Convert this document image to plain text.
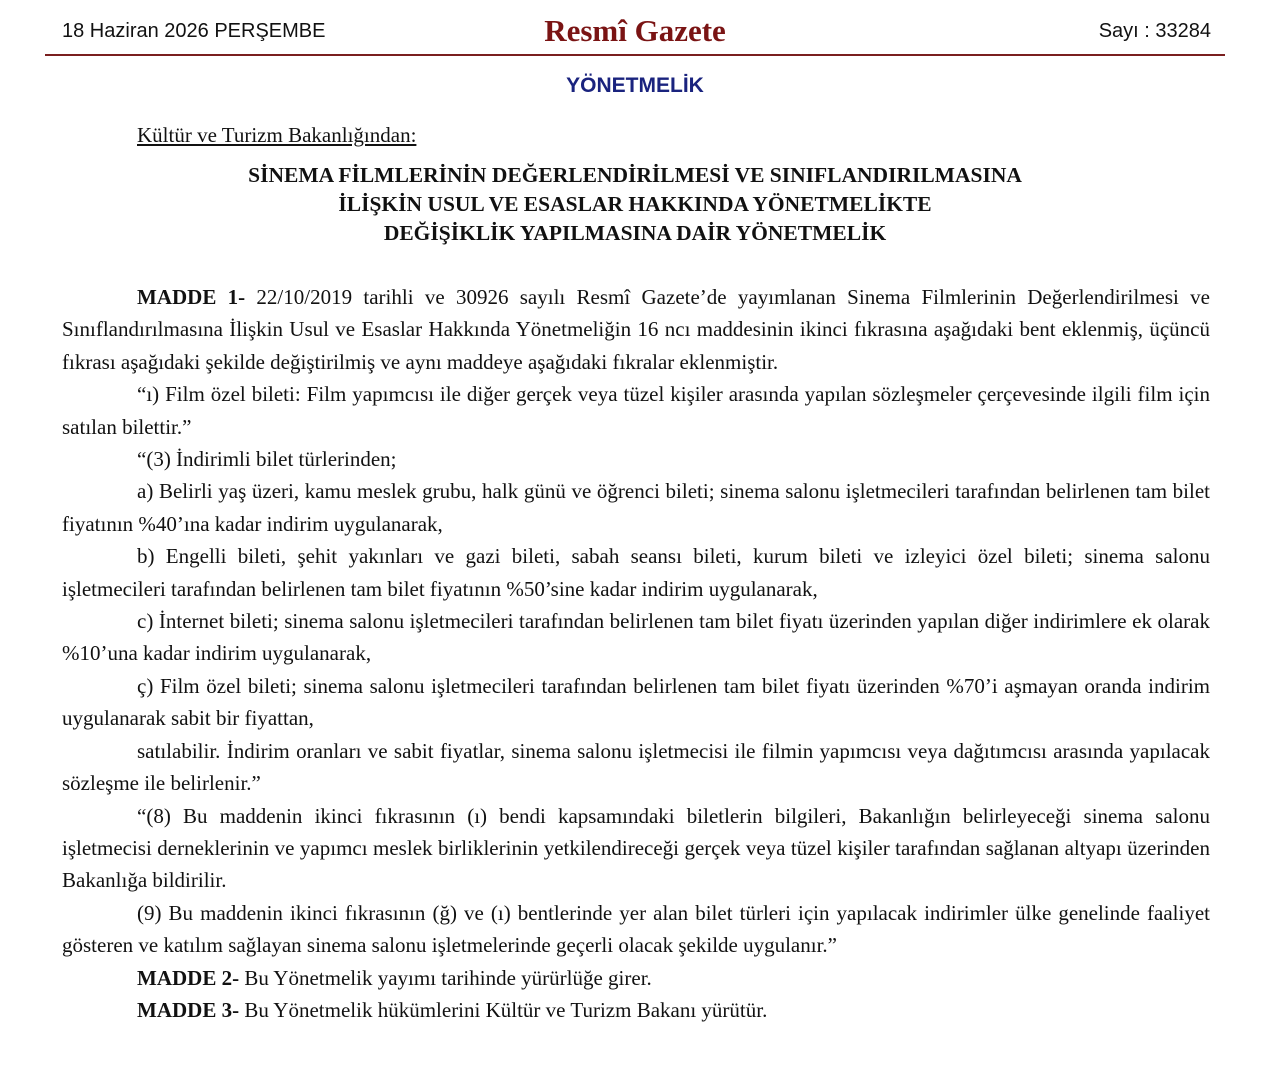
18 Haziran 2026 PERŞEMBE	Resmî Gazete	Sayı : 33284
YÖNETMELİK
Kültür ve Turizm Bakanlığından:
SİNEMA FİLMLERİNİN DEĞERLENDİRİLMESİ VE SINIFLANDIRILMASINA
İLİŞKİN USUL VE ESASLAR HAKKINDA YÖNETMELİKTE
DEĞİŞİKLİK YAPILMASINA DAİR YÖNETMELİK

MADDE 1- 22/10/2019 tarihli ve 30926 sayılı Resmî Gazete’de yayımlanan Sinema Filmlerinin Değerlendirilmesi ve Sınıflandırılmasına İlişkin Usul ve Esaslar Hakkında Yönetmeliğin 16 ncı maddesinin ikinci fıkrasına aşağıdaki bent eklenmiş, üçüncü fıkrası aşağıdaki şekilde değiştirilmiş ve aynı maddeye aşağıdaki fıkralar eklenmiştir.

“ı) Film özel bileti: Film yapımcısı ile diğer gerçek veya tüzel kişiler arasında yapılan sözleşmeler çerçevesinde ilgili film için satılan bilettir.”

“(3) İndirimli bilet türlerinden;

a) Belirli yaş üzeri, kamu meslek grubu, halk günü ve öğrenci bileti; sinema salonu işletmecileri tarafından belirlenen tam bilet fiyatının %40’ına kadar indirim uygulanarak,

b) Engelli bileti, şehit yakınları ve gazi bileti, sabah seansı bileti, kurum bileti ve izleyici özel bileti; sinema salonu işletmecileri tarafından belirlenen tam bilet fiyatının %50’sine kadar indirim uygulanarak,

c) İnternet bileti; sinema salonu işletmecileri tarafından belirlenen tam bilet fiyatı üzerinden yapılan diğer indirimlere ek olarak %10’una kadar indirim uygulanarak,

ç) Film özel bileti; sinema salonu işletmecileri tarafından belirlenen tam bilet fiyatı üzerinden %70’i aşmayan oranda indirim uygulanarak sabit bir fiyattan,

satılabilir. İndirim oranları ve sabit fiyatlar, sinema salonu işletmecisi ile filmin yapımcısı veya dağıtımcısı arasında yapılacak sözleşme ile belirlenir.”

“(8) Bu maddenin ikinci fıkrasının (ı) bendi kapsamındaki biletlerin bilgileri, Bakanlığın belirleyeceği sinema salonu işletmecisi derneklerinin ve yapımcı meslek birliklerinin yetkilendireceği gerçek veya tüzel kişiler tarafından sağlanan altyapı üzerinden Bakanlığa bildirilir.

(9) Bu maddenin ikinci fıkrasının (ğ) ve (ı) bentlerinde yer alan bilet türleri için yapılacak indirimler ülke genelinde faaliyet gösteren ve katılım sağlayan sinema salonu işletmelerinde geçerli olacak şekilde uygulanır.”

MADDE 2- Bu Yönetmelik yayımı tarihinde yürürlüğe girer.

MADDE 3- Bu Yönetmelik hükümlerini Kültür ve Turizm Bakanı yürütür.
